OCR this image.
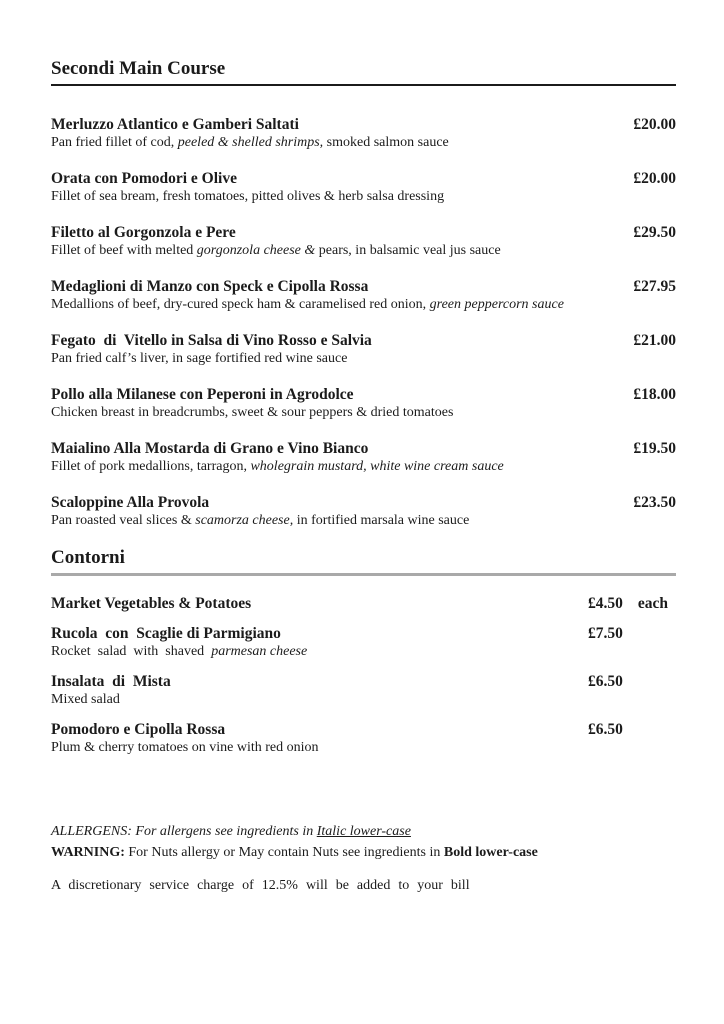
Secondi Main Course
Merluzzo Atlantico e Gamberi Saltati	£20.00
Pan fried fillet of cod, peeled & shelled shrimps, smoked salmon sauce
Orata con Pomodori e Olive	£20.00
Fillet of sea bream, fresh tomatoes, pitted olives & herb salsa dressing
Filetto al Gorgonzola e Pere	£29.50
Fillet of beef with melted gorgonzola cheese & pears, in balsamic veal jus sauce
Medaglioni di Manzo con Speck e Cipolla Rossa	£27.95
Medallions of beef, dry-cured speck ham & caramelised red onion, green peppercorn sauce
Fegato  di  Vitello in Salsa di Vino Rosso e Salvia	£21.00
Pan fried calf’s liver, in sage fortified red wine sauce
Pollo alla Milanese con Peperoni in Agrodolce	£18.00
Chicken breast in breadcrumbs, sweet & sour peppers & dried tomatoes
Maialino Alla Mostarda di Grano e Vino Bianco	£19.50
Fillet of pork medallions, tarragon, wholegrain mustard, white wine cream sauce
Scaloppine Alla Provola	£23.50
Pan roasted veal slices & scamorza cheese, in fortified marsala wine sauce
Contorni
Market Vegetables & Potatoes	£4.50 each
Rucola  con  Scaglie di Parmigiano	£7.50
Rocket  salad  with  shaved  parmesan cheese
Insalata  di  Mista	£6.50
Mixed salad
Pomodoro e Cipolla Rossa	£6.50
Plum & cherry tomatoes on vine with red onion

ALLERGENS: For allergens see ingredients in Italic lower-case

WARNING: For Nuts allergy or May contain Nuts see ingredients in Bold lower-case

A discretionary service charge of 12.5% will be added to your bill
